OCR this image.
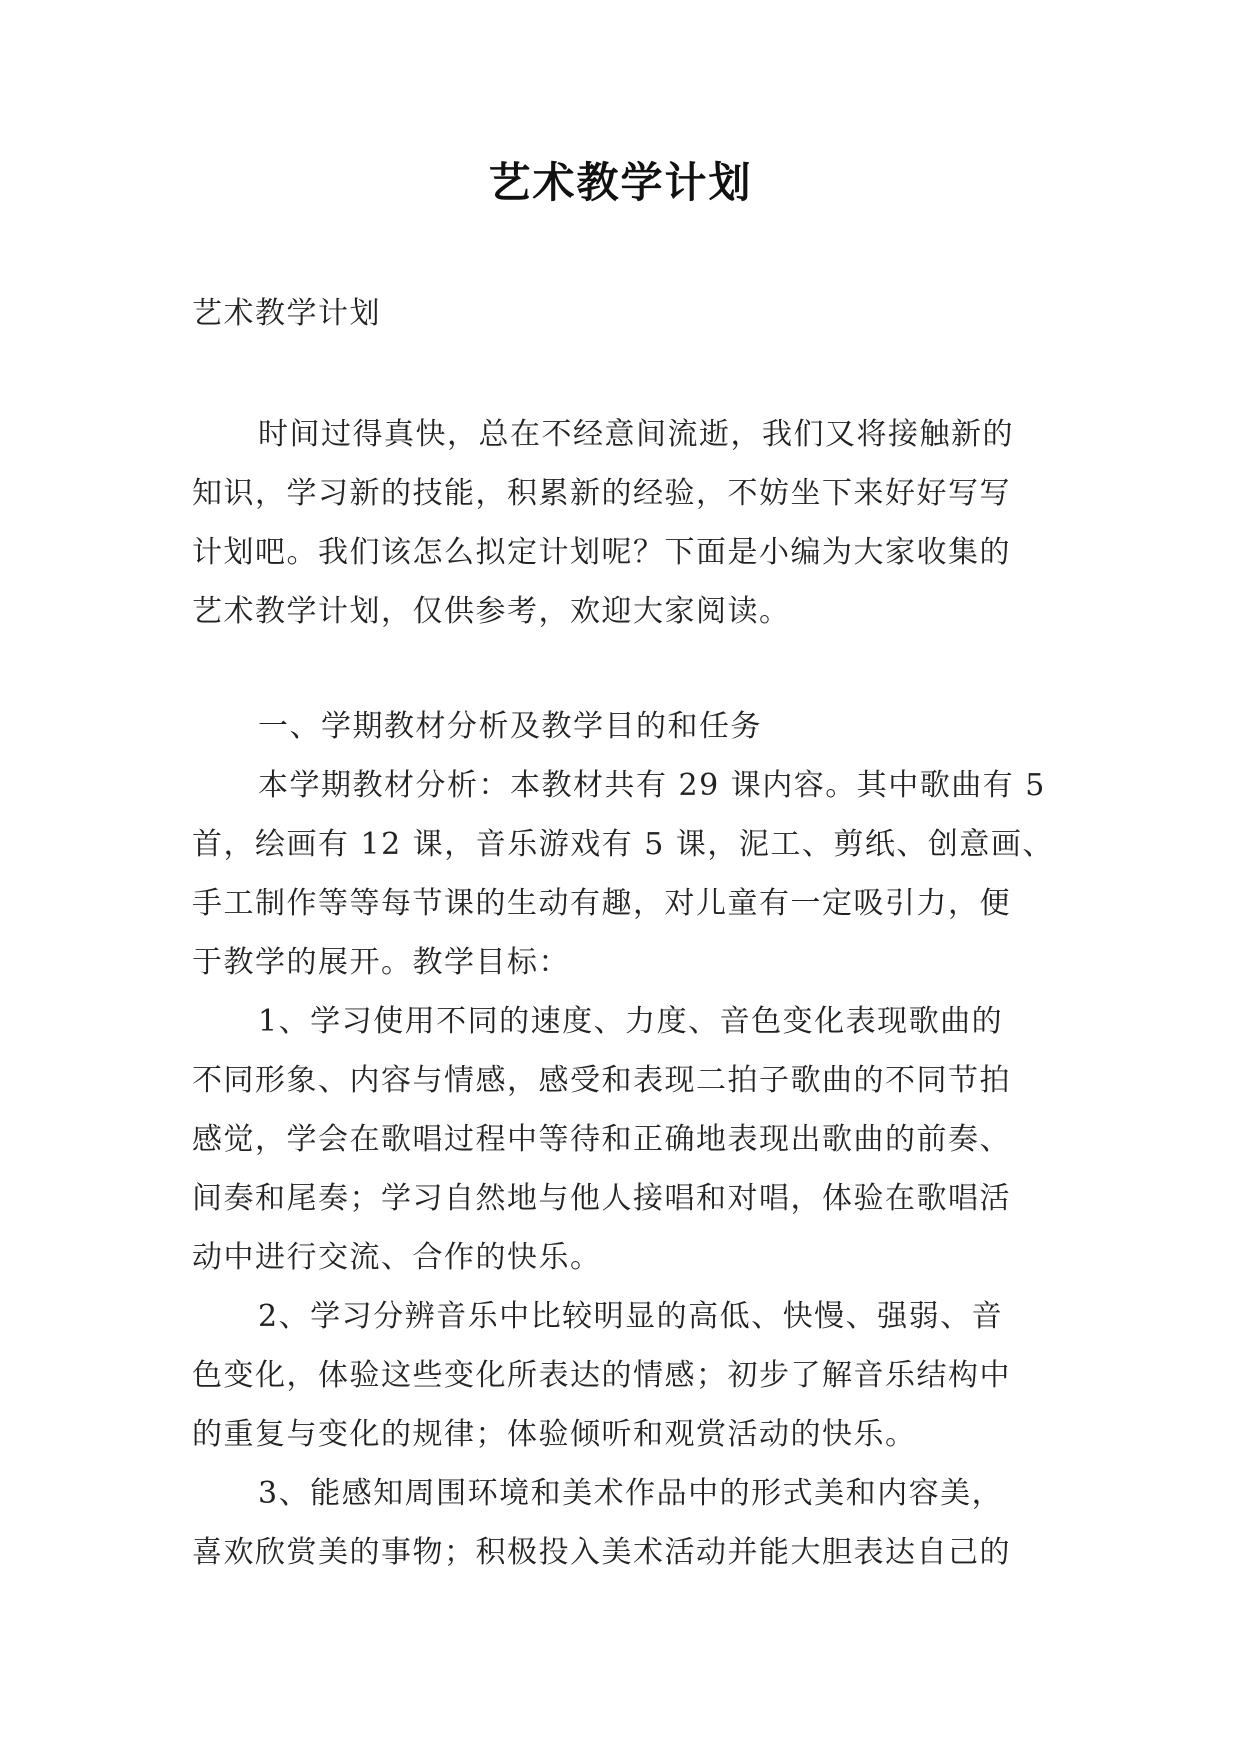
艺术教学计划
艺术教学计划
时间过得真快，总在不经意间流逝，我们又将接触新的
知识，学习新的技能，积累新的经验，不妨坐下来好好写写
计划吧。我们该怎么拟定计划呢？下面是小编为大家收集的
艺术教学计划，仅供参考，欢迎大家阅读。
一、学期教材分析及教学目的和任务
本学期教材分析：本教材共有 29 课内容。其中歌曲有 5
首，绘画有 12 课，音乐游戏有 5 课，泥工、剪纸、创意画、
手工制作等等每节课的生动有趣，对儿童有一定吸引力，便
于教学的展开。教学目标：
1、学习使用不同的速度、力度、音色变化表现歌曲的
不同形象、内容与情感，感受和表现二拍子歌曲的不同节拍
感觉，学会在歌唱过程中等待和正确地表现出歌曲的前奏、
间奏和尾奏；学习自然地与他人接唱和对唱，体验在歌唱活
动中进行交流、合作的快乐。
2、学习分辨音乐中比较明显的高低、快慢、强弱、音
色变化，体验这些变化所表达的情感；初步了解音乐结构中
的重复与变化的规律；体验倾听和观赏活动的快乐。
3、能感知周围环境和美术作品中的形式美和内容美，
喜欢欣赏美的事物；积极投入美术活动并能大胆表达自己的
